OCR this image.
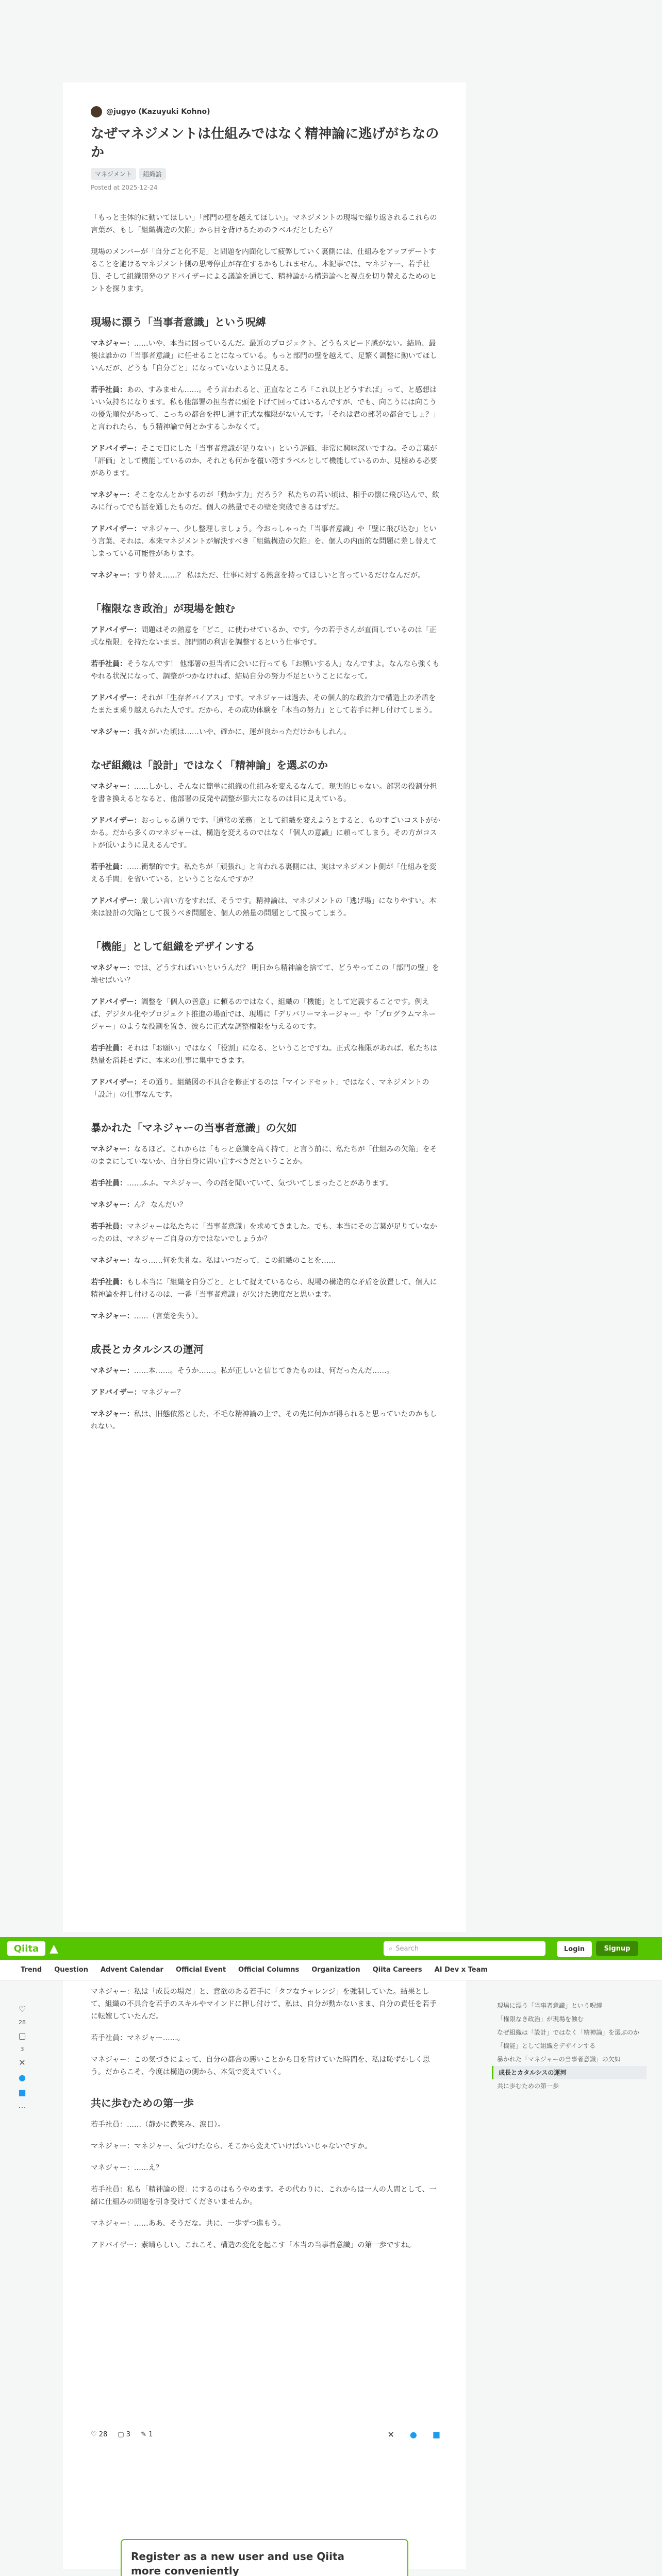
@jugyo (Kazuyuki Kohno)
なぜマネジメントは仕組みではなく精神論に逃げがちなのか
マネジメント	組織論
Posted at 2025-12-24

「もっと主体的に動いてほしい」「部門の壁を越えてほしい」。マネジメントの現場で繰り返されるこれらの言葉が、もし「組織構造の欠陥」から目を背けるためのラベルだとしたら？

現場のメンバーが「自分ごと化不足」と問題を内面化して疲弊していく裏側には、仕組みをアップデートすることを避けるマネジメント側の思考停止が存在するかもしれません。本記事では、マネジャー、若手社員、そして組織開発のアドバイザーによる議論を通じて、精神論から構造論へと視点を切り替えるためのヒントを探ります。

現場に漂う「当事者意識」という呪縛

マネジャー：……いや、本当に困っているんだ。最近のプロジェクト、どうもスピード感がない。結局、最後は誰かの「当事者意識」に任せることになっている。もっと部門の壁を越えて、足繁く調整に動いてほしいんだが、どうも「自分ごと」になっていないように見える。

若手社員：あの、すみません……。そう言われると、正直なところ「これ以上どうすれば」って、と感想はいい気持ちになります。私も他部署の担当者に頭を下げて回ってはいるんですが、でも、向こうには向こうの優先順位があって、こっちの都合を押し通す正式な権限がないんです。「それは君の部署の都合でしょ？」と言われたら、もう精神論で何とかするしかなくて。

アドバイザー：そこで目にした「当事者意識が足りない」という評価、非常に興味深いですね。その言葉が「評価」として機能しているのか、それとも何かを覆い隠すラベルとして機能しているのか、見極める必要があります。

マネジャー：そこをなんとかするのが「動かす力」だろう？ 私たちの若い頃は、相手の懐に飛び込んで、飲みに行ってでも話を通したものだ。個人の熱量でその壁を突破できるはずだ。

アドバイザー：マネジャー、少し整理しましょう。今おっしゃった「当事者意識」や「壁に飛び込む」という言葉、それは、本来マネジメントが解決すべき「組織構造の欠陥」を、個人の内面的な問題に差し替えてしまっている可能性があります。

マネジャー：すり替え……？ 私はただ、仕事に対する熱意を持ってほしいと言っているだけなんだが。

「権限なき政治」が現場を蝕む

アドバイザー：問題はその熱意を「どこ」に使わせているか、です。今の若手さんが直面しているのは「正式な権限」を持たないまま、部門間の利害を調整するという仕事です。

若手社員：そうなんです！ 他部署の担当者に会いに行っても「お願いする人」なんですよ。なんなら強くもやれる状況になって、調整がつかなければ、結局自分の努力不足ということになって。

アドバイザー：それが「生存者バイアス」です。マネジャーは過去、その個人的な政治力で構造上の矛盾をたまたま乗り越えられた人です。だから、その成功体験を「本当の努力」として若手に押し付けてしまう。

マネジャー：我々がいた頃は……いや、確かに、運が良かっただけかもしれん。

なぜ組織は「設計」ではなく「精神論」を選ぶのか

マネジャー：……しかし、そんなに簡単に組織の仕組みを変えるなんて、現実的じゃない。部署の役割分担を書き換えるとなると、他部署の反発や調整が膨大になるのは目に見えている。

アドバイザー：おっしゃる通りです。「通常の業務」として組織を変えようとすると、ものすごいコストがかかる。だから多くのマネジャーは、構造を変えるのではなく「個人の意識」に頼ってしまう。その方がコストが低いように見えるんです。

若手社員：……衝撃的です。私たちが「頑張れ」と言われる裏側には、実はマネジメント側が「仕組みを変える手間」を省いている、ということなんですか？

アドバイザー：厳しい言い方をすれば、そうです。精神論は、マネジメントの「逃げ場」になりやすい。本来は設計の欠陥として扱うべき問題を、個人の熱量の問題として扱ってしまう。

「機能」として組織をデザインする

マネジャー：では、どうすればいいというんだ？ 明日から精神論を捨てて、どうやってこの「部門の壁」を壊せばいい？

アドバイザー：調整を「個人の善意」に頼るのではなく、組織の「機能」として定義することです。例えば、デジタル化やプロジェクト推進の場面では、現場に「デリバリーマネージャー」や「プログラムマネージャー」のような役割を置き、彼らに正式な調整権限を与えるのです。

若手社員：それは「お願い」ではなく「役割」になる、ということですね。正式な権限があれば、私たちは熱量を消耗せずに、本来の仕事に集中できます。

アドバイザー：その通り。組織図の不具合を修正するのは「マインドセット」ではなく、マネジメントの「設計」の仕事なんです。

暴かれた「マネジャーの当事者意識」の欠如

マネジャー：なるほど。これからは「もっと意識を高く持て」と言う前に、私たちが「仕組みの欠陥」をそのままにしていないか、自分自身に問い直すべきだということか。

若手社員：……ふふ。マネジャー、今の話を聞いていて、気づいてしまったことがあります。

マネジャー：ん？ なんだい？

若手社員：マネジャーは私たちに「当事者意識」を求めてきました。でも、本当にその言葉が足りていなかったのは、マネジャーご自身の方ではないでしょうか？

マネジャー：なっ……何を失礼な。私はいつだって、この組織のことを……

若手社員：もし本当に「組織を自分ごと」として捉えているなら、現場の構造的な矛盾を放置して、個人に精神論を押し付けるのは、一番「当事者意識」が欠けた態度だと思います。

マネジャー：……（言葉を失う）。

成長とカタルシスの運河

マネジャー：……本……。そうか……。私が正しいと信じてきたものは、何だったんだ……。

アドバイザー：マネジャー？

マネジャー：私は、旧態依然とした、不毛な精神論の上で、その先に何かが得られると思っていたのかもしれない。

Qiita ▲	⌕ Search	Login	Signup
Trend Question Advent Calendar Official Event Official Columns Organization Qiita Careers AI Dev x Team
♡
28
▢
3
✕
●
■
⋯

マネジャー：私は「成長の場だ」と、意欲のある若手に「タフなチャレンジ」を強制していた。結果として、組織の不具合を若手のスキルやマインドに押し付けて、私は、自分が動かないまま、自分の責任を若手に転嫁していたんだ。

若手社員：マネジャー……。

マネジャー：この気づきによって、自分の都合の悪いことから目を背けていた時間を、私は恥ずかしく思う。だからこそ、今度は構造の側から、本気で変えていく。

共に歩むための第一歩

若手社員：……（静かに微笑み、涙目）。

マネジャー：マネジャー、気づけたなら、そこから変えていけばいいじゃないですか。

マネジャー：……え？

若手社員：私も「精神論の罠」にするのはもうやめます。その代わりに、これからは一人の人間として、一緒に仕組みの問題を引き受けてくださいませんか。

マネジャー：……ああ、そうだな。共に、一歩ずつ進もう。

アドバイザー：素晴らしい。これこそ、構造の変化を起こす「本当の当事者意識」の第一歩ですね。

♡ 28 ▢ 3 ✎ 1	✕ ● ■
Register as a new user and use Qiita more conveniently
現場に漂う「当事者意識」という呪縛
「権限なき政治」が現場を蝕む
なぜ組織は「設計」ではなく「精神論」を選ぶのか
「機能」として組織をデザインする
暴かれた「マネジャーの当事者意識」の欠如
成長とカタルシスの運河
共に歩むための第一歩
